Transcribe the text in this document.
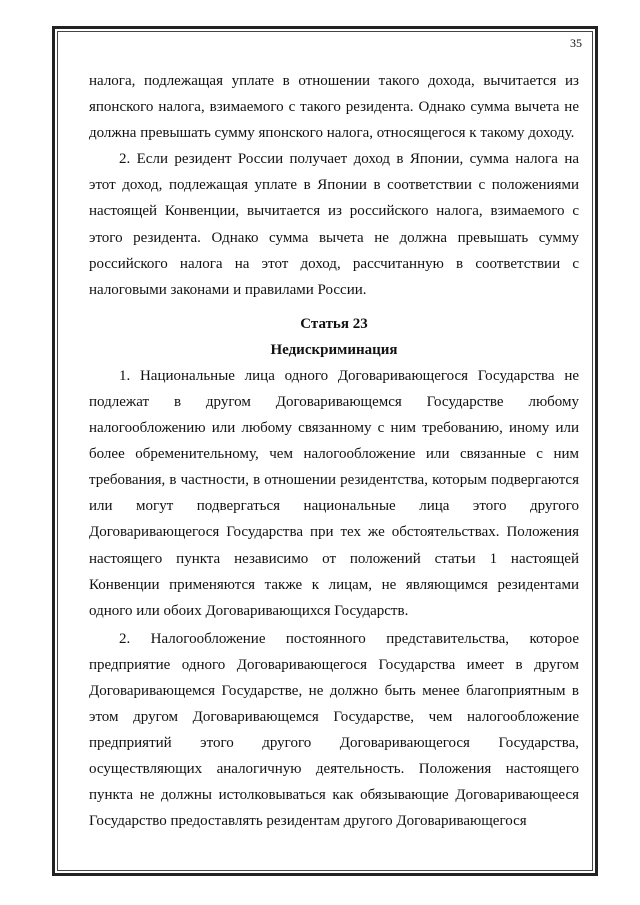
35

налога, подлежащая уплате в отношении такого дохода, вычитается из японского налога, взимаемого с такого резидента. Однако сумма вычета не должна превышать сумму японского налога, относящегося к такому доходу.

2. Если резидент России получает доход в Японии, сумма налога на этот доход, подлежащая уплате в Японии в соответствии с положениями настоящей Конвенции, вычитается из российского налога, взимаемого с этого резидента. Однако сумма вычета не должна превышать сумму российского налога на этот доход, рассчитанную в соответствии с налоговыми законами и правилами России.

Статья 23
Недискриминация

1. Национальные лица одного Договаривающегося Государства не подлежат в другом Договаривающемся Государстве любому налогообложению или любому связанному с ним требованию, иному или более обременительному, чем налогообложение или связанные с ним требования, в частности, в отношении резидентства, которым подвергаются или могут подвергаться национальные лица этого другого Договаривающегося Государства при тех же обстоятельствах. Положения настоящего пункта независимо от положений статьи 1 настоящей Конвенции применяются также к лицам, не являющимся резидентами одного или обоих Договаривающихся Государств.

2. Налогообложение постоянного представительства, которое предприятие одного Договаривающегося Государства имеет в другом Договаривающемся Государстве, не должно быть менее благоприятным в этом другом Договаривающемся Государстве, чем налогообложение предприятий этого другого Договаривающегося Государства, осуществляющих аналогичную деятельность. Положения настоящего пункта не должны истолковываться как обязывающие Договаривающееся Государство предоставлять резидентам другого Договаривающегося
